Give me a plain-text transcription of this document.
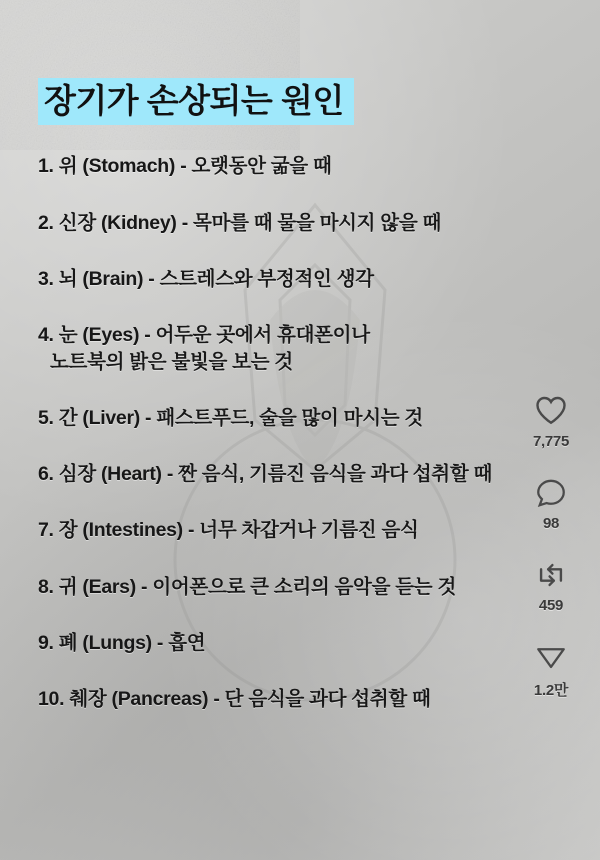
장기가 손상되는 원인
1. 위 (Stomach) - 오랫동안 굶을 때
2. 신장 (Kidney) - 목마를 때 물을 마시지 않을 때
3. 뇌 (Brain) - 스트레스와 부정적인 생각
4. 눈 (Eyes) - 어두운 곳에서 휴대폰이나
노트북의 밝은 불빛을 보는 것
5. 간 (Liver) - 패스트푸드, 술을 많이 마시는 것
6. 심장 (Heart) - 짠 음식, 기름진 음식을 과다 섭취할 때
7. 장 (Intestines) - 너무 차갑거나 기름진 음식
8. 귀 (Ears) - 이어폰으로 큰 소리의 음악을 듣는 것
9. 폐 (Lungs) - 흡연
10. 췌장 (Pancreas) - 단 음식을 과다 섭취할 때
7,775
98
459
1.2만
